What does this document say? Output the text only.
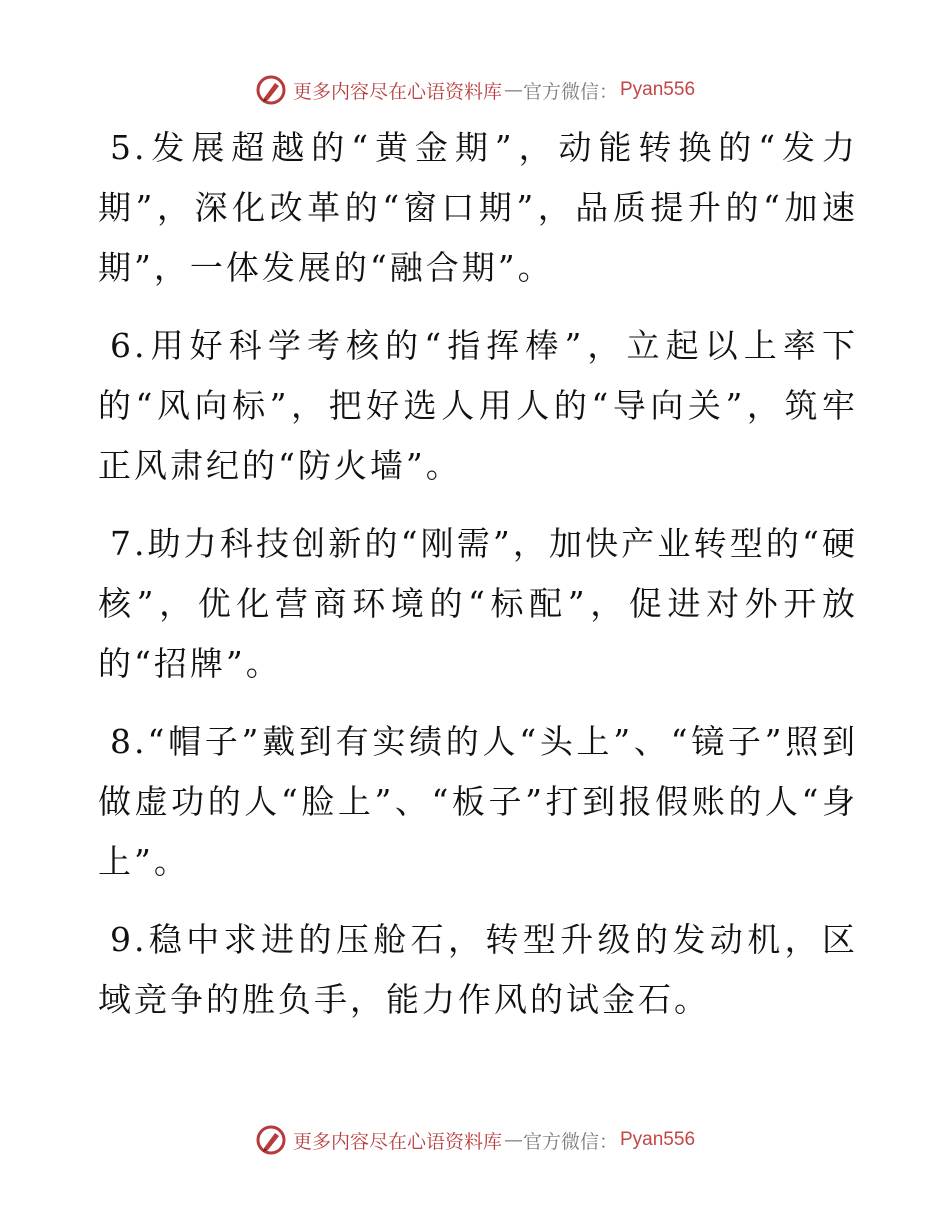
更多内容尽在心语资料库 — 官方微信： Pyan556

5.发展超越的“黄金期”，动能转换的“发力期”，深化改革的“窗口期”，品质提升的“加速期”，一体发展的“融合期”。

6.用好科学考核的“指挥棒”，立起以上率下的“风向标”，把好选人用人的“导向关”，筑牢正风肃纪的“防火墙”。

7.助力科技创新的“刚需”，加快产业转型的“硬核”，优化营商环境的“标配”，促进对外开放的“招牌”。

8.“帽子”戴到有实绩的人“头上”、“镜子”照到做虚功的人“脸上”、“板子”打到报假账的人“身上”。

9.稳中求进的压舱石，转型升级的发动机，区域竞争的胜负手，能力作风的试金石。

更多内容尽在心语资料库 — 官方微信： Pyan556
